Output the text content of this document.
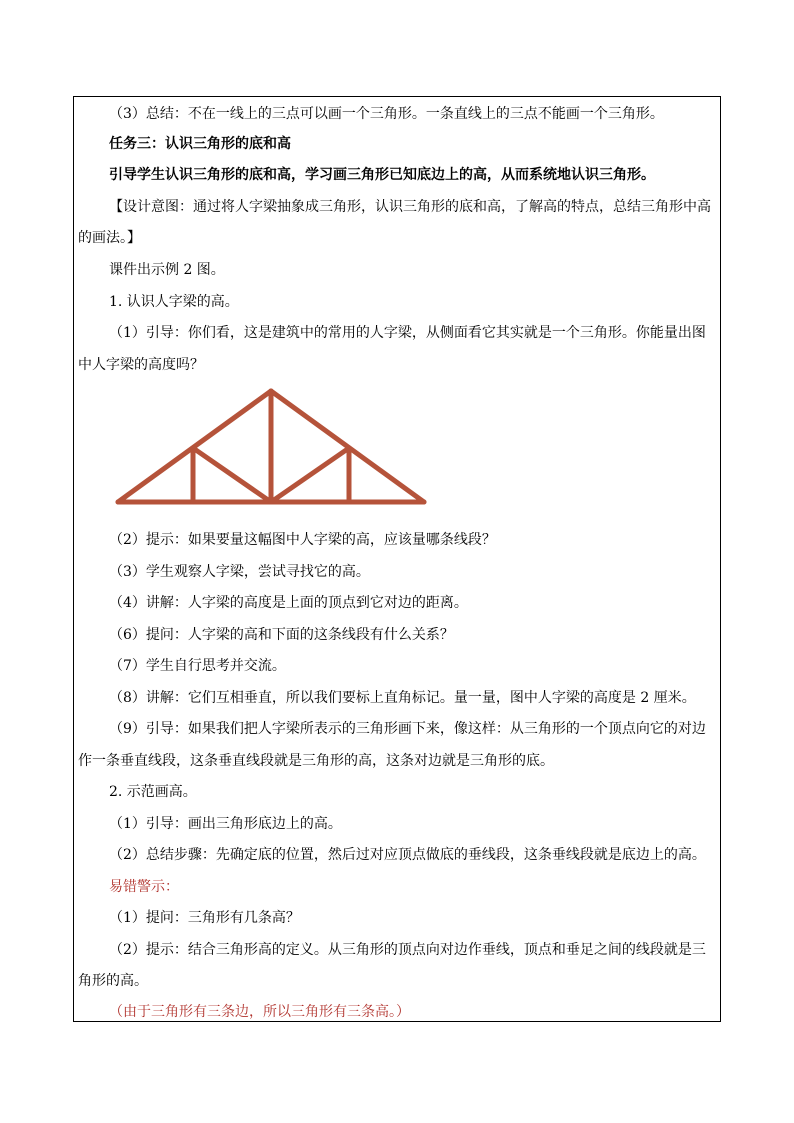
（3）总结：不在一线上的三点可以画一个三角形。一条直线上的三点不能画一个三角形。
任务三：认识三角形的底和高
引导学生认识三角形的底和高，学习画三角形已知底边上的高，从而系统地认识三角形。
【设计意图：通过将人字梁抽象成三角形，认识三角形的底和高，了解高的特点，总结三角形中高
的画法。】
课件出示例 2 图。
1. 认识人字梁的高。
（1）引导：你们看，这是建筑中的常用的人字梁，从侧面看它其实就是一个三角形。你能量出图
中人字梁的高度吗？
（2）提示：如果要量这幅图中人字梁的高，应该量哪条线段？
（3）学生观察人字梁，尝试寻找它的高。
（4）讲解：人字梁的高度是上面的顶点到它对边的距离。
（6）提问：人字梁的高和下面的这条线段有什么关系？
（7）学生自行思考并交流。
（8）讲解：它们互相垂直，所以我们要标上直角标记。量一量，图中人字梁的高度是 2 厘米。
（9）引导：如果我们把人字梁所表示的三角形画下来，像这样：从三角形的一个顶点向它的对边
作一条垂直线段，这条垂直线段就是三角形的高，这条对边就是三角形的底。
2. 示范画高。
（1）引导：画出三角形底边上的高。
（2）总结步骤：先确定底的位置，然后过对应顶点做底的垂线段，这条垂线段就是底边上的高。
易错警示：
（1）提问：三角形有几条高？
（2）提示：结合三角形高的定义。从三角形的顶点向对边作垂线，顶点和垂足之间的线段就是三
角形的高。
（由于三角形有三条边，所以三角形有三条高。）
